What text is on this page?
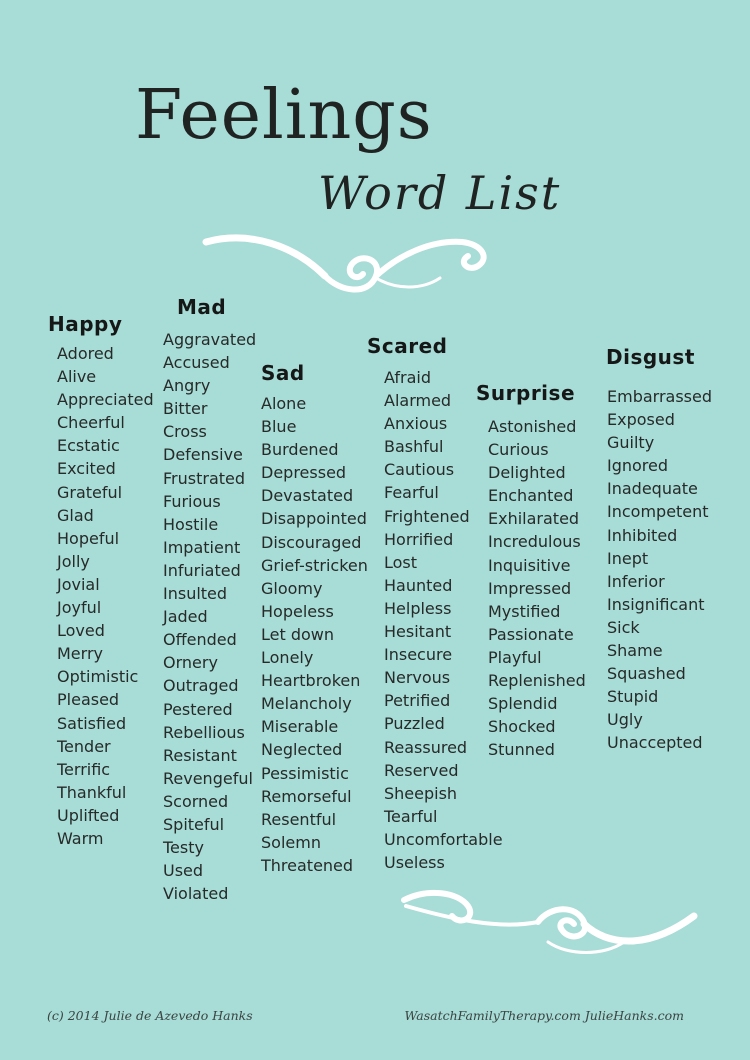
Feelings
Word List
Happy
Adored
Alive
Appreciated
Cheerful
Ecstatic
Excited
Grateful
Glad
Hopeful
Jolly
Jovial
Joyful
Loved
Merry
Optimistic
Pleased
Satisfied
Tender
Terrific
Thankful
Uplifted
Warm
Mad
Aggravated
Accused
Angry
Bitter
Cross
Defensive
Frustrated
Furious
Hostile
Impatient
Infuriated
Insulted
Jaded
Offended
Ornery
Outraged
Pestered
Rebellious
Resistant
Revengeful
Scorned
Spiteful
Testy
Used
Violated
Sad
Alone
Blue
Burdened
Depressed
Devastated
Disappointed
Discouraged
Grief-stricken
Gloomy
Hopeless
Let down
Lonely
Heartbroken
Melancholy
Miserable
Neglected
Pessimistic
Remorseful
Resentful
Solemn
Threatened
Scared
Afraid
Alarmed
Anxious
Bashful
Cautious
Fearful
Frightened
Horrified
Lost
Haunted
Helpless
Hesitant
Insecure
Nervous
Petrified
Puzzled
Reassured
Reserved
Sheepish
Tearful
Uncomfortable
Useless
Surprise
Astonished
Curious
Delighted
Enchanted
Exhilarated
Incredulous
Inquisitive
Impressed
Mystified
Passionate
Playful
Replenished
Splendid
Shocked
Stunned
Disgust
Embarrassed
Exposed
Guilty
Ignored
Inadequate
Incompetent
Inhibited
Inept
Inferior
Insignificant
Sick
Shame
Squashed
Stupid
Ugly
Unaccepted
(c) 2014 Julie de Azevedo Hanks	WasatchFamilyTherapy.com JulieHanks.com
